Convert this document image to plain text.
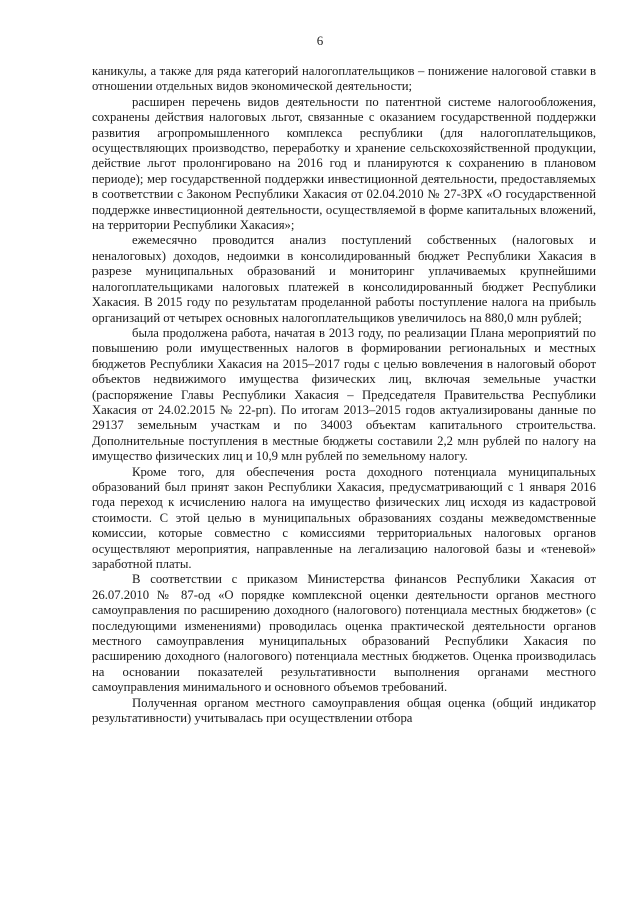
6

каникулы, а также для ряда категорий налогоплательщиков – понижение налоговой ставки в отношении отдельных видов экономической деятельности;

расширен перечень видов деятельности по патентной системе налогообложения, сохранены действия налоговых льгот, связанные с оказанием государственной поддержки развития агропромышленного комплекса республики (для налогоплательщиков, осуществляющих производство, переработку и хранение сельскохозяйственной продукции, действие льгот пролонгировано на 2016 год и планируются к сохранению в плановом периоде); мер государственной поддержки инвестиционной деятельности, предоставляемых в соответствии с Законом Республики Хакасия от 02.04.2010 № 27-ЗРХ «О государственной поддержке инвестиционной деятельности, осуществляемой в форме капитальных вложений, на территории Республики Хакасия»;

ежемесячно проводится анализ поступлений собственных (налоговых и неналоговых) доходов, недоимки в консолидированный бюджет Республики Хакасия в разрезе муниципальных образований и мониторинг уплачиваемых крупнейшими налогоплательщиками налоговых платежей в консолидированный бюджет Республики Хакасия. В 2015 году по результатам проделанной работы поступление налога на прибыль организаций от четырех основных налогоплательщиков увеличилось на 880,0 млн рублей;

была продолжена работа, начатая в 2013 году, по реализации Плана мероприятий по повышению роли имущественных налогов в формировании региональных и местных бюджетов Республики Хакасия на 2015–2017 годы с целью вовлечения в налоговый оборот объектов недвижимого имущества физических лиц, включая земельные участки (распоряжение Главы Республики Хакасия – Председателя Правительства Республики Хакасия от 24.02.2015 № 22-рп). По итогам 2013–2015 годов актуализированы данные по 29137 земельным участкам и по 34003 объектам капитального строительства. Дополнительные поступления в местные бюджеты составили 2,2 млн рублей по налогу на имущество физических лиц и 10,9 млн рублей по земельному налогу.

Кроме того, для обеспечения роста доходного потенциала муниципальных образований был принят закон Республики Хакасия, предусматривающий с 1 января 2016 года переход к исчислению налога на имущество физических лиц исходя из кадастровой стоимости. С этой целью в муниципальных образованиях созданы межведомственные комиссии, которые совместно с комиссиями территориальных налоговых органов осуществляют мероприятия, направленные на легализацию налоговой базы и «теневой» заработной платы.

В соответствии с приказом Министерства финансов Республики Хакасия от 26.07.2010 № 87-од «О порядке комплексной оценки деятельности органов местного самоуправления по расширению доходного (налогового) потенциала местных бюджетов» (с последующими изменениями) проводилась оценка практической деятельности органов местного самоуправления муниципальных образований Республики Хакасия по расширению доходного (налогового) потенциала местных бюджетов. Оценка производилась на основании показателей результативности выполнения органами местного самоуправления минимального и основного объемов требований.

Полученная органом местного самоуправления общая оценка (общий индикатор результативности) учитывалась при осуществлении отбора
